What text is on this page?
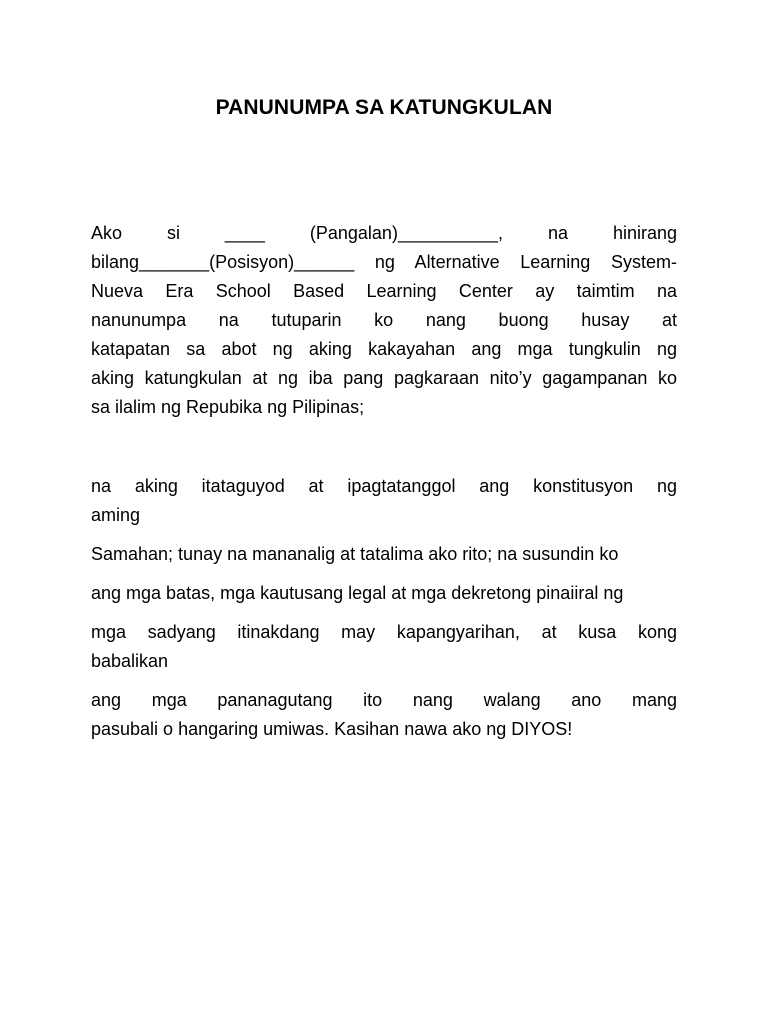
PANUNUMPA SA KATUNGKULAN
Ako si ____ (Pangalan)__________, na hinirang
bilang_______(Posisyon)______ ng Alternative Learning System-
Nueva Era School Based Learning Center ay taimtim na
nanunumpa na tutuparin ko nang buong husay at
katapatan sa abot ng aking kakayahan ang mga tungkulin ng
aking katungkulan at ng iba pang pagkaraan nito’y gagampanan ko
sa ilalim ng Repubika ng Pilipinas;
na aking itataguyod at ipagtatanggol ang konstitusyon ng
aming
Samahan; tunay na mananalig at tatalima ako rito; na susundin ko
ang mga batas, mga kautusang legal at mga dekretong pinaiiral ng
mga sadyang itinakdang may kapangyarihan, at kusa kong
babalikan
ang mga pananagutang ito nang walang ano mang
pasubali o hangaring umiwas. Kasihan nawa ako ng DIYOS!
